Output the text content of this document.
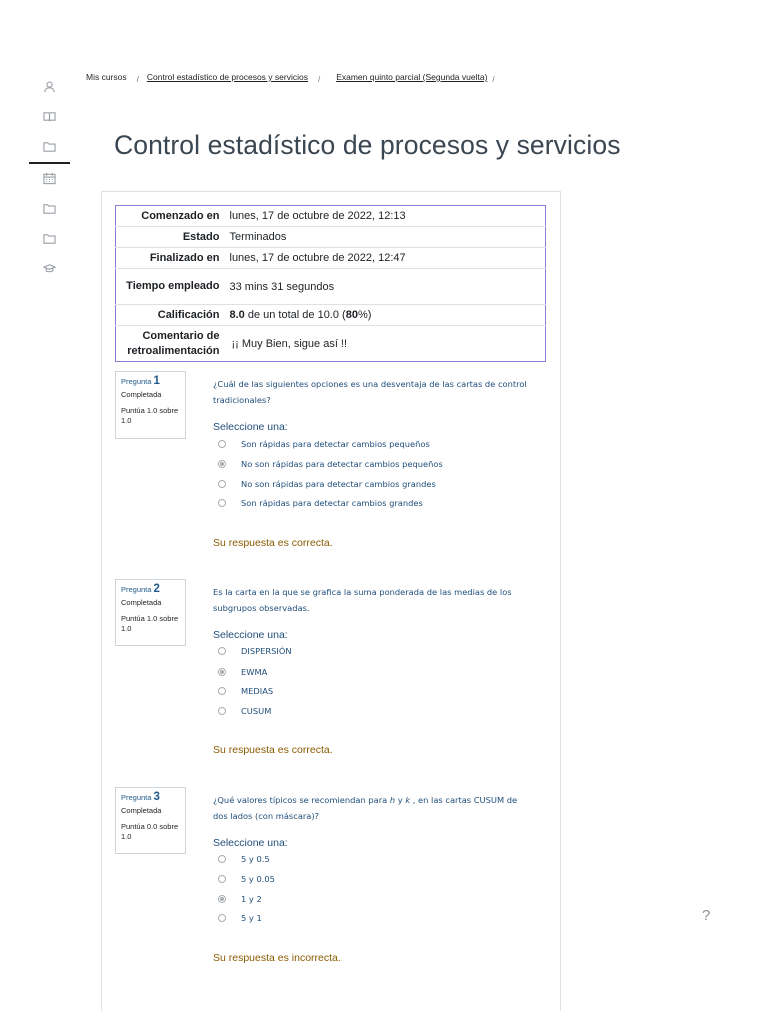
Mis cursos / Control estadístico de procesos y servicios / Examen quinto parcial (Segunda vuelta) /
Control estadístico de procesos y servicios
Comenzado en	lunes, 17 de octubre de 2022, 12:13
Estado	Terminados
Finalizado en	lunes, 17 de octubre de 2022, 12:47
Tiempo empleado	33 mins 31 segundos
Calificación	8.0 de un total de 10.0 (80%)
Comentario de retroalimentación	¡¡ Muy Bien, sigue así !!
Pregunta 1
Completada
Puntúa 1.0 sobre 1.0
¿Cuál de las siguientes opciones es una desventaja de las cartas de control tradicionales?
Seleccione una:
Son rápidas para detectar cambios pequeños
No son rápidas para detectar cambios pequeños
No son rápidas para detectar cambios grandes
Son rápidas para detectar cambios grandes
Su respuesta es correcta.
Pregunta 2
Completada
Puntúa 1.0 sobre 1.0
Es la carta en la que se grafica la suma ponderada de las medias de los subgrupos observadas.
Seleccione una:
DISPERSIÓN
EWMA
MEDIAS
CUSUM
Su respuesta es correcta.
Pregunta 3
Completada
Puntúa 0.0 sobre 1.0
¿Qué valores típicos se recomiendan para h y k , en las cartas CUSUM de dos lados (con máscara)?
Seleccione una:
5 y 0.5
5 y 0.05
1 y 2
5 y 1
Su respuesta es incorrecta.
?
